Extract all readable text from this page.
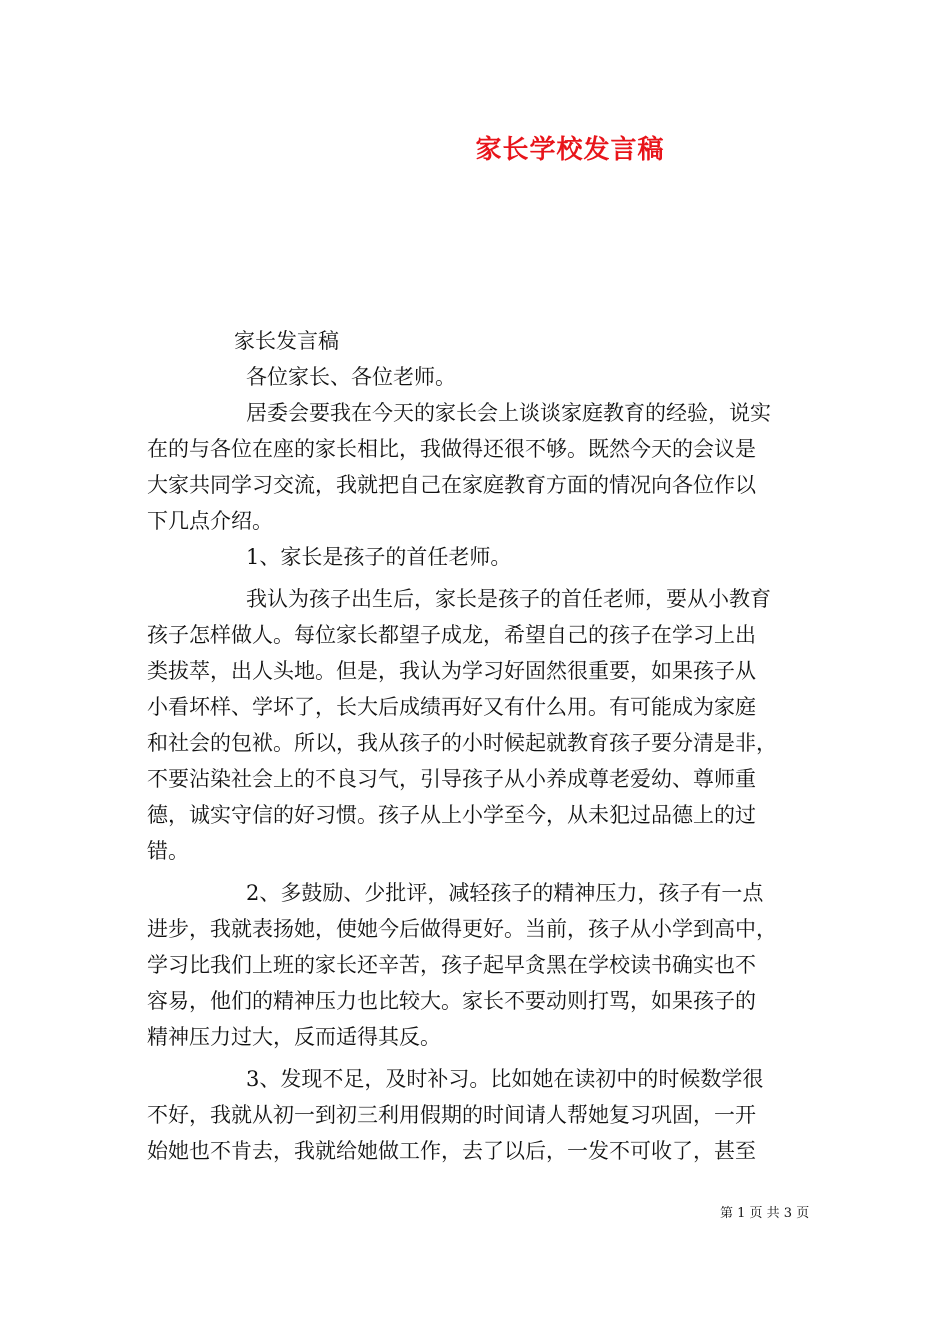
家长学校发言稿
家长发言稿
各位家长、各位老师。
居委会要我在今天的家长会上谈谈家庭教育的经验，说实
在的与各位在座的家长相比，我做得还很不够。既然今天的会议是
大家共同学习交流，我就把自己在家庭教育方面的情况向各位作以
下几点介绍。
1、家长是孩子的首任老师。
我认为孩子出生后，家长是孩子的首任老师，要从小教育
孩子怎样做人。每位家长都望子成龙，希望自己的孩子在学习上出
类拔萃，出人头地。但是，我认为学习好固然很重要，如果孩子从
小看坏样、学坏了，长大后成绩再好又有什么用。有可能成为家庭
和社会的包袱。所以，我从孩子的小时候起就教育孩子要分清是非，
不要沾染社会上的不良习气，引导孩子从小养成尊老爱幼、尊师重
德，诚实守信的好习惯。孩子从上小学至今，从未犯过品德上的过
错。
2、多鼓励、少批评，减轻孩子的精神压力，孩子有一点
进步，我就表扬她，使她今后做得更好。当前，孩子从小学到高中，
学习比我们上班的家长还辛苦，孩子起早贪黑在学校读书确实也不
容易，他们的精神压力也比较大。家长不要动则打骂，如果孩子的
精神压力过大，反而适得其反。
3、发现不足，及时补习。比如她在读初中的时候数学很
不好，我就从初一到初三利用假期的时间请人帮她复习巩固，一开
始她也不肯去，我就给她做工作，去了以后，一发不可收了，甚至
第 1 页 共 3 页
